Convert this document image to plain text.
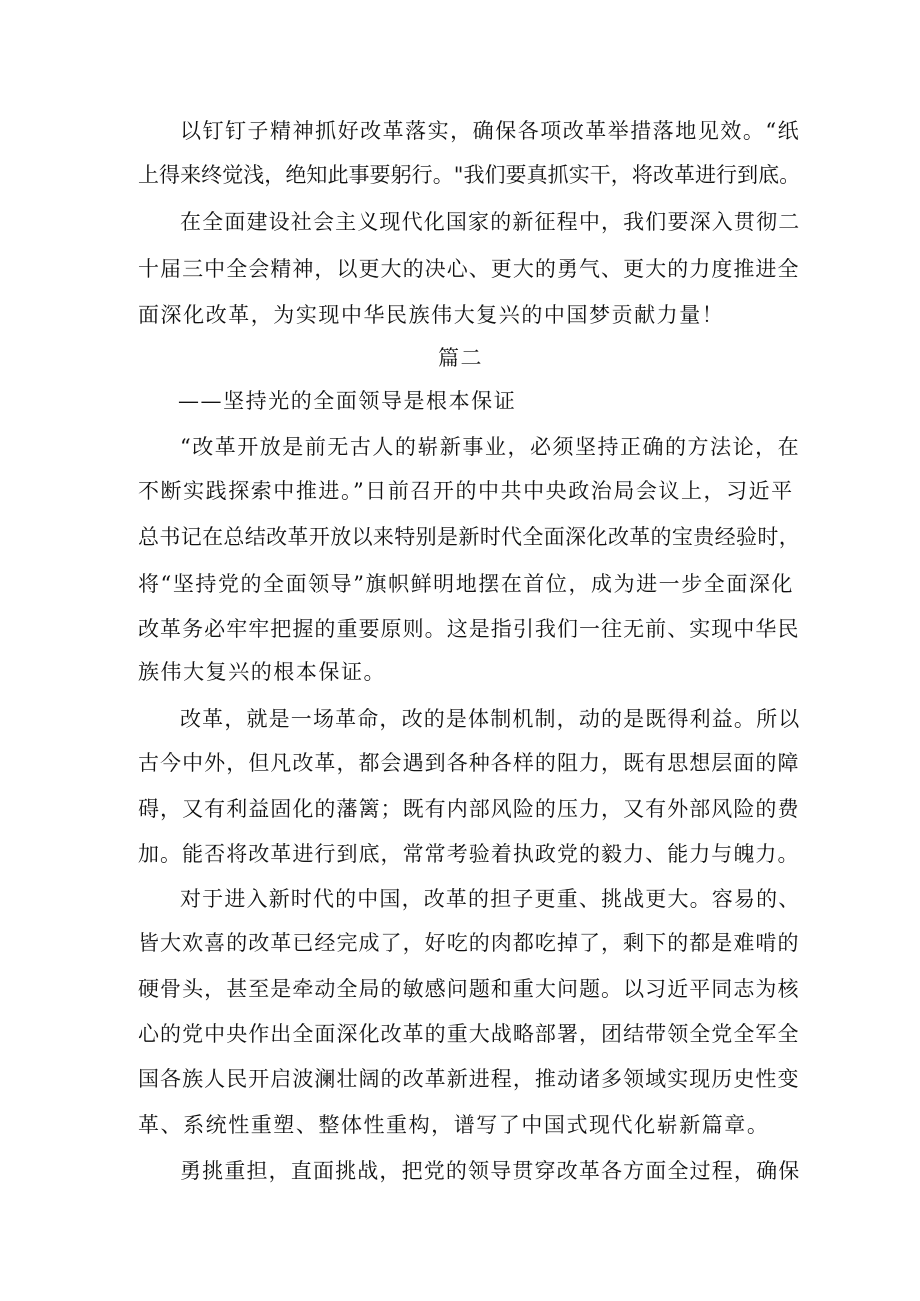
以钉钉子精神抓好改革落实，确保各项改革举措落地见效。“纸
上得来终觉浅，绝知此事要躬行。"我们要真抓实干，将改革进行到底。
在全面建设社会主义现代化国家的新征程中，我们要深入贯彻二
十届三中全会精神，以更大的决心、更大的勇气、更大的力度推进全
面深化改革，为实现中华民族伟大复兴的中国梦贡献力量！
篇二
——坚持光的全面领导是根本保证
“改革开放是前无古人的崭新事业，必须坚持正确的方法论，在
不断实践探索中推进。”日前召开的中共中央政治局会议上，习近平
总书记在总结改革开放以来特别是新时代全面深化改革的宝贵经验时，
将“坚持党的全面领导”旗帜鲜明地摆在首位，成为进一步全面深化
改革务必牢牢把握的重要原则。这是指引我们一往无前、实现中华民
族伟大复兴的根本保证。
改革，就是一场革命，改的是体制机制，动的是既得利益。所以
古今中外，但凡改革，都会遇到各种各样的阻力，既有思想层面的障
碍，又有利益固化的藩篱；既有内部风险的压力，又有外部风险的费
加。能否将改革进行到底，常常考验着执政党的毅力、能力与魄力。
对于进入新时代的中国，改革的担子更重、挑战更大。容易的、
皆大欢喜的改革已经完成了，好吃的肉都吃掉了，剩下的都是难啃的
硬骨头，甚至是牵动全局的敏感问题和重大问题。以习近平同志为核
心的党中央作出全面深化改革的重大战略部署，团结带领全党全军全
国各族人民开启波澜壮阔的改革新进程，推动诸多领域实现历史性变
革、系统性重塑、整体性重构，谱写了中国式现代化崭新篇章。
勇挑重担，直面挑战，把党的领导贯穿改革各方面全过程，确保
